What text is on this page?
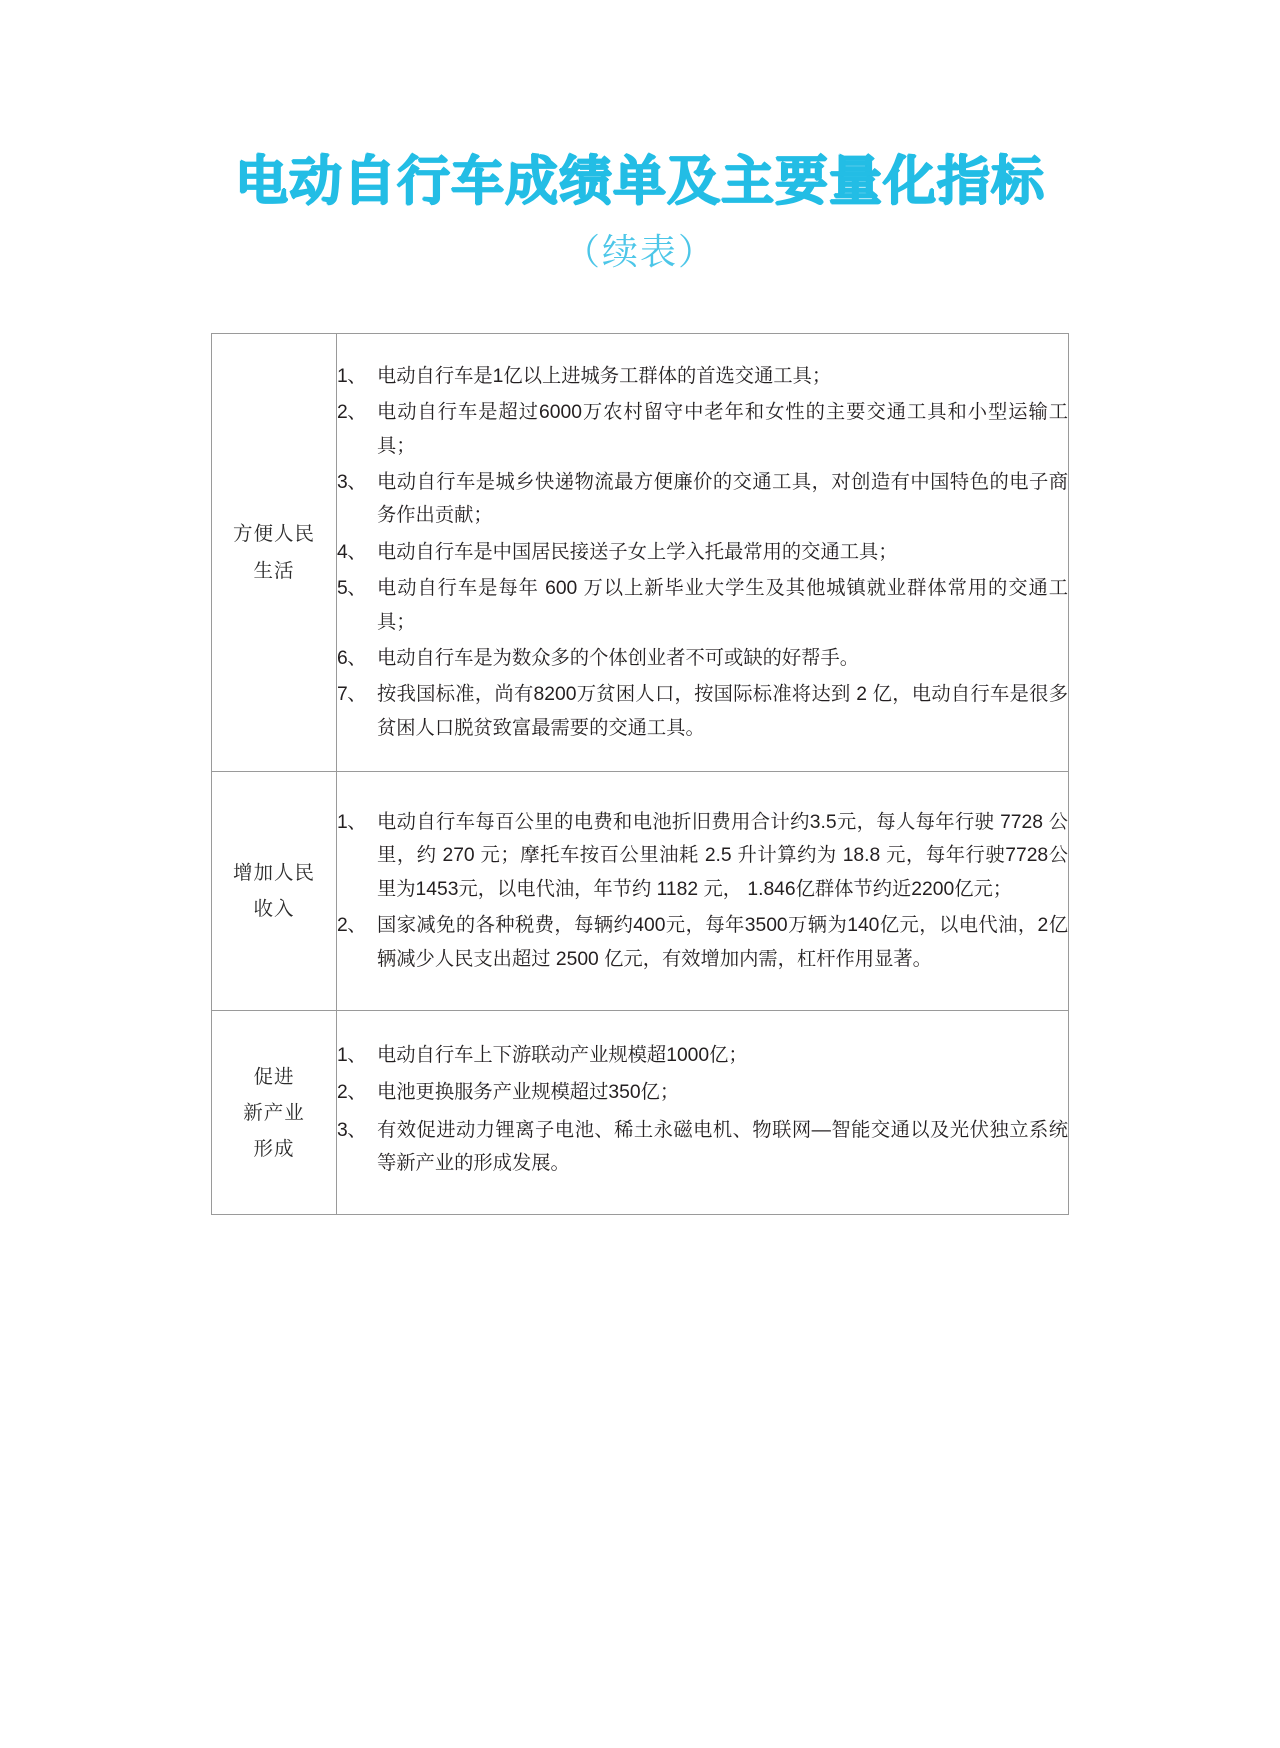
电动自行车成绩单及主要量化指标
（续表）
方便人民
生活

1、 电动自行车是1亿以上进城务工群体的首选交通工具；
2、 电动自行车是超过6000万农村留守中老年和女性的主要交通工具和小型运输工具；
3、 电动自行车是城乡快递物流最方便廉价的交通工具，对创造有中国特色的电子商务作出贡献；
4、 电动自行车是中国居民接送子女上学入托最常用的交通工具；
5、 电动自行车是每年 600 万以上新毕业大学生及其他城镇就业群体常用的交通工具；
6、 电动自行车是为数众多的个体创业者不可或缺的好帮手。
7、 按我国标准，尚有8200万贫困人口，按国际标准将达到 2 亿，电动自行车是很多贫困人口脱贫致富最需要的交通工具。

增加人民
收入

1、 电动自行车每百公里的电费和电池折旧费用合计约3.5元，每人每年行驶 7728 公里，约 270 元；摩托车按百公里油耗 2.5 升计算约为 18.8 元，每年行驶7728公里为1453元，以电代油，年节约 1182 元， 1.846亿群体节约近2200亿元；
2、 国家减免的各种税费，每辆约400元，每年3500万辆为140亿元，以电代油，2亿辆减少人民支出超过 2500 亿元，有效增加内需，杠杆作用显著。

促进
新产业
形成

1、 电动自行车上下游联动产业规模超1000亿；
2、 电池更换服务产业规模超过350亿；
3、 有效促进动力锂离子电池、稀土永磁电机、物联网—智能交通以及光伏独立系统等新产业的形成发展。
